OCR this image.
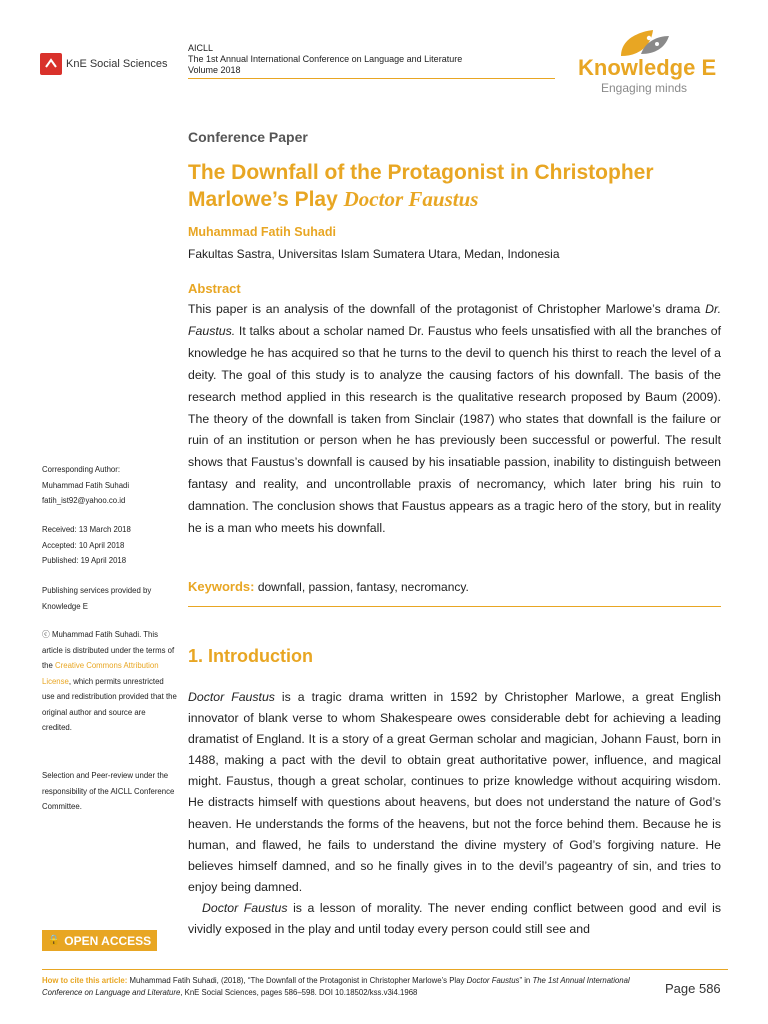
KnE Social Sciences
AICLL
The 1st Annual International Conference on Language and Literature
Volume 2018	Knowledge E
Engaging minds
Conference Paper
The Downfall of the Protagonist in Christopher Marlowe’s Play Doctor Faustus
Muhammad Fatih Suhadi
Fakultas Sastra, Universitas Islam Sumatera Utara, Medan, Indonesia
Abstract
This paper is an analysis of the downfall of the protagonist of Christopher Marlowe’s drama Dr. Faustus. It talks about a scholar named Dr. Faustus who feels unsatisfied with all the branches of knowledge he has acquired so that he turns to the devil to quench his thirst to reach the level of a deity. The goal of this study is to analyze the causing factors of his downfall. The basis of the research method applied in this research is the qualitative research proposed by Baum (2009). The theory of the downfall is taken from Sinclair (1987) who states that downfall is the failure or ruin of an institution or person when he has previously been successful or powerful. The result shows that Faustus’s downfall is caused by his insatiable passion, inability to distinguish between fantasy and reality, and uncontrollable praxis of necromancy, which later bring his ruin to damnation. The conclusion shows that Faustus appears as a tragic hero of the story, but in reality he is a man who meets his downfall.
Keywords: downfall, passion, fantasy, necromancy.
1. Introduction

Doctor Faustus is a tragic drama written in 1592 by Christopher Marlowe, a great English innovator of blank verse to whom Shakespeare owes considerable debt for achieving a leading dramatist of England. It is a story of a great German scholar and magician, Johann Faust, born in 1488, making a pact with the devil to obtain great authoritative power, influence, and magical might. Faustus, though a great scholar, continues to prize knowledge without acquiring wisdom. He distracts himself with questions about heavens, but does not understand the nature of God’s heaven. He understands the forms of the heavens, but not the force behind them. Because he is human, and flawed, he fails to understand the divine mystery of God’s forgiving nature. He believes himself damned, and so he finally gives in to the devil’s pageantry of sin, and tries to enjoy being damned.

Doctor Faustus is a lesson of morality. The never ending conflict between good and evil is vividly exposed in the play and until today every person could still see and

Corresponding Author:
Muhammad Fatih Suhadi
fatih_ist92@yahoo.co.id
Received: 13 March 2018
Accepted: 10 April 2018
Published: 19 April 2018
Publishing services provided by Knowledge E
ⓒ Muhammad Fatih Suhadi. This article is distributed under the terms of the Creative Commons Attribution License, which permits unrestricted use and redistribution provided that the original author and source are credited.
Selection and Peer-review under the responsibility of the AICLL Conference Committee.
🔒 OPEN ACCESS
How to cite this article: Muhammad Fatih Suhadi, (2018), “The Downfall of the Protagonist in Christopher Marlowe’s Play Doctor Faustus” in The 1st Annual International Conference on Language and Literature, KnE Social Sciences, pages 586–598. DOI 10.18502/kss.v3i4.1968	Page 586
